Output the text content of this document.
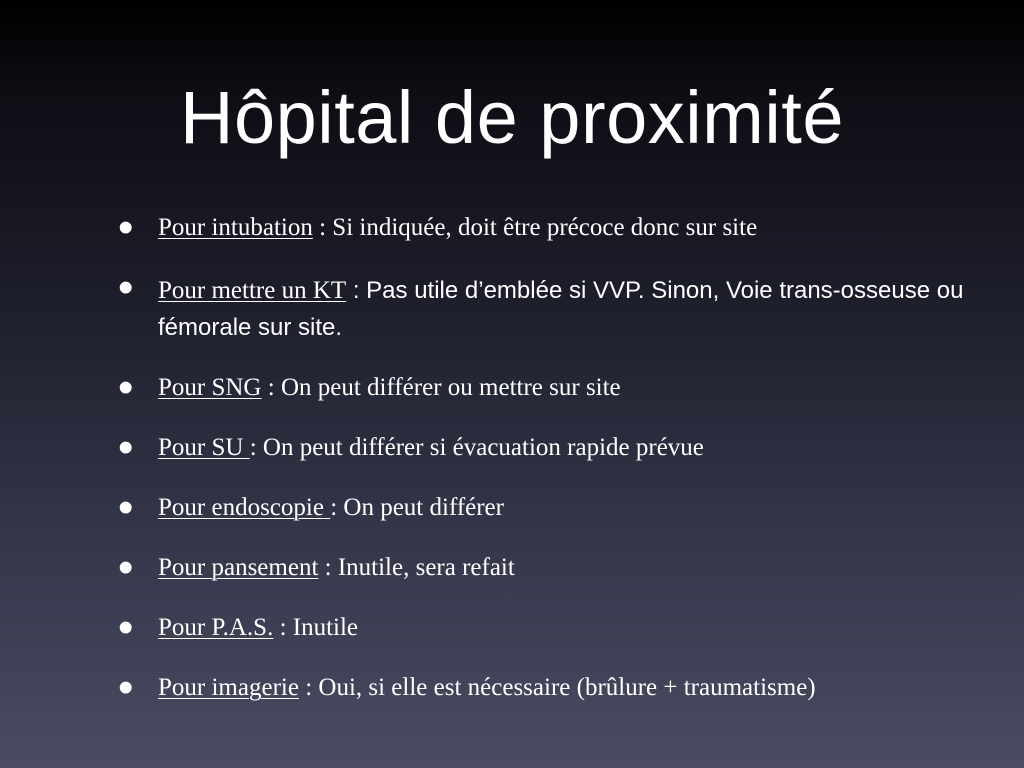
Hôpital de proximité
• Pour intubation : Si indiquée, doit être précoce donc sur site
• Pour mettre un KT : Pas utile d’emblée si VVP. Sinon, Voie trans-osseuse ou fémorale sur site.
• Pour SNG : On peut différer ou mettre sur site
• Pour SU : On peut différer si évacuation rapide prévue
• Pour endoscopie : On peut différer
• Pour pansement : Inutile, sera refait
• Pour P.A.S. : Inutile
• Pour imagerie : Oui, si elle est nécessaire (brûlure + traumatisme)
